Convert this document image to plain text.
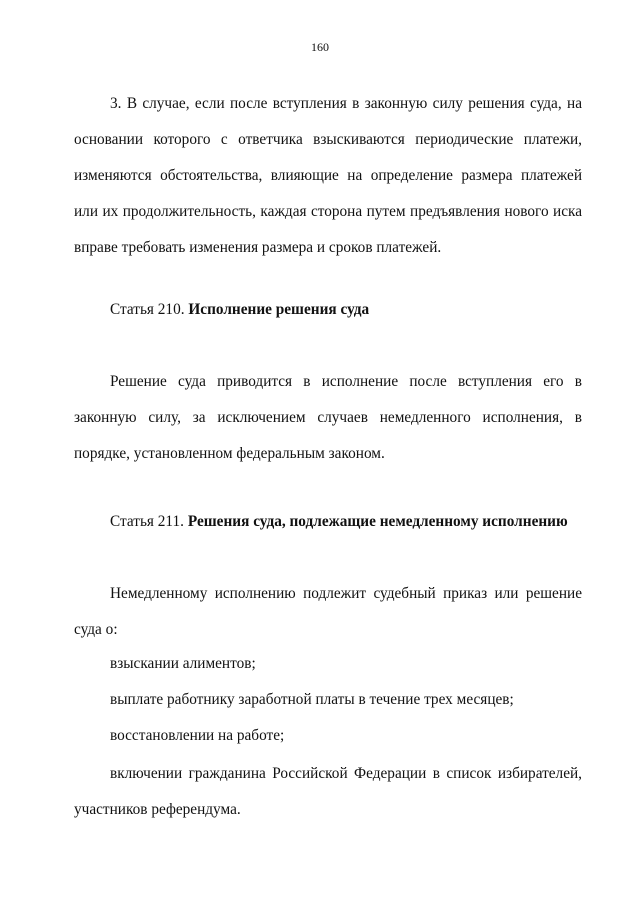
160

3. В случае, если после вступления в законную силу решения суда, на основании которого с ответчика взыскиваются периодические платежи, изменяются обстоятельства, влияющие на определение размера платежей или их продолжительность, каждая сторона путем предъявления нового иска вправе требовать изменения размера и сроков платежей.

Статья 210. Исполнение решения суда

Решение суда приводится в исполнение после вступления его в законную силу, за исключением случаев немедленного исполнения, в порядке, установленном федеральным законом.

Статья 211. Решения суда, подлежащие немедленному исполнению

Немедленному исполнению подлежит судебный приказ или решение суда о:

взыскании алиментов;
выплате работнику заработной платы в течение трех месяцев;
восстановлении на работе;

включении гражданина Российской Федерации в список избирателей, участников референдума.
